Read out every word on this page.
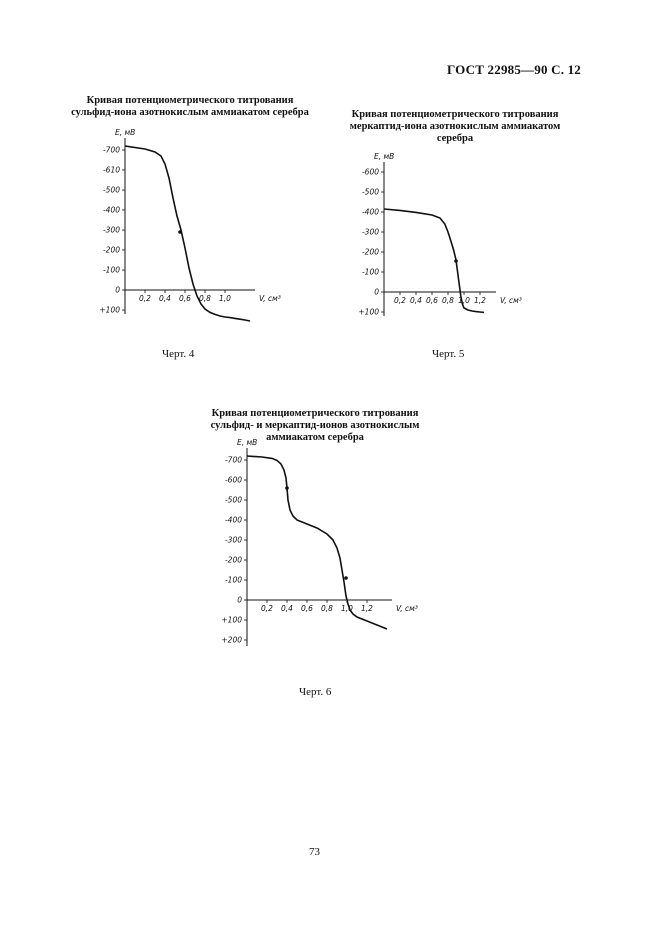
ГОСТ 22985—90 С. 12
Кривая потенциометрического титрования сульфид-иона азотнокислым аммиакатом серебра	Кривая потенциометрического титрования меркаптид-иона азотнокислым аммиакатом серебра
Кривая потенциометрического титрования сульфид- и меркаптид-ионов азотнокислым аммиакатом серебра
-700
-610
-500
-400
-300
-200
-100
0
+100
0,2 0,4 0,6 0,8 1,0
E, мВ
V, см³
-600
-500
-400
-300
-200
-100
0
+100
0,2 0,4 0,6 0,8 1,0 1,2
E, мВ
V, см³
-700
-600
-500
-400
-300
-200
-100
0
+100
+200
0,2 0,4 0,6 0,8 1,0 1,2
E, мВ
V, см³
Черт. 4	Черт. 5
Черт. 6
73
